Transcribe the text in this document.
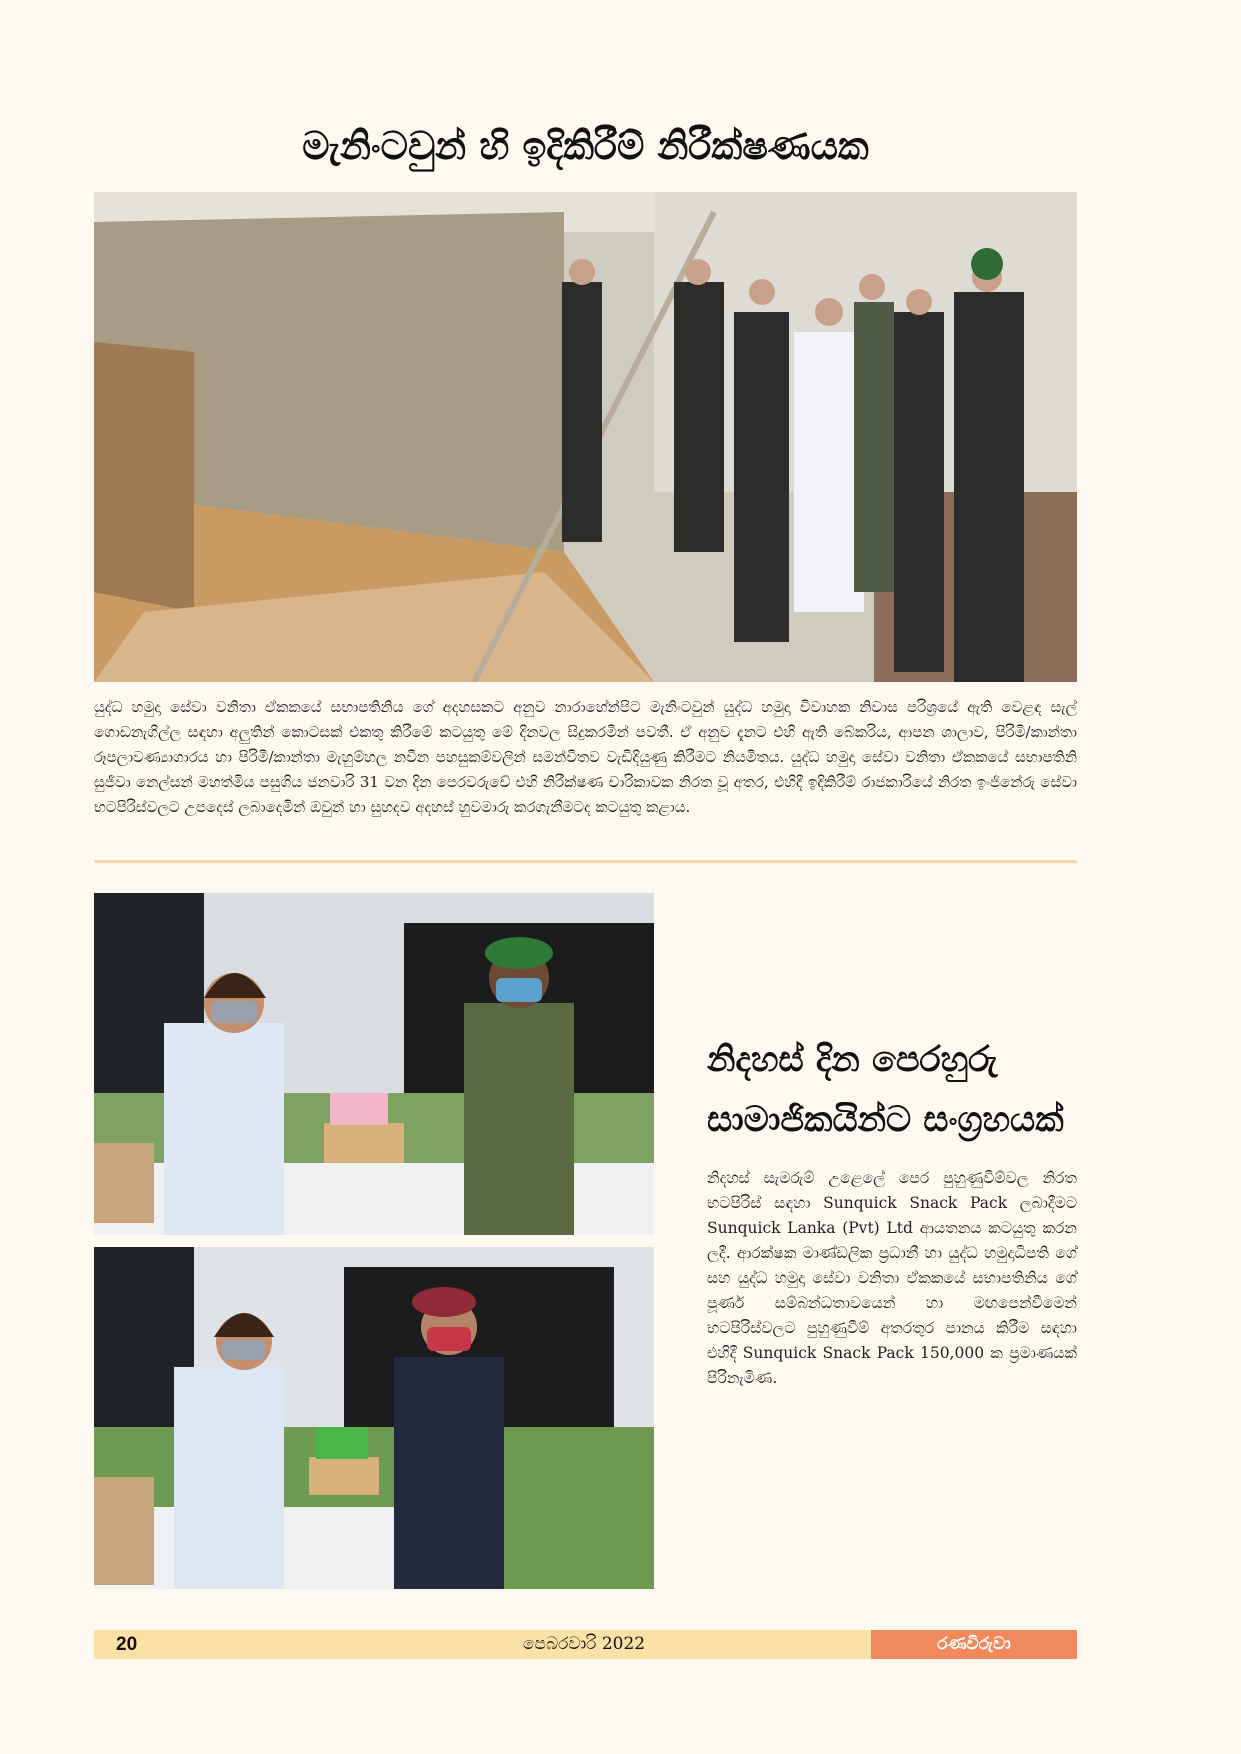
මැනිංටවුන් හි ඉදිකිරීම් නිරීක්ෂණයක
යුද්ධ හමුදා සේවා වනිතා ඒකකයේ සභාපතිනිය ගේ අදහසකට අනුව නාරාහේන්පිට මැනිංටවුන් යුද්ධ හමුදා විවාහක නිවාස පරිශ්‍රයේ ඇති වෙළඳ සැල් ගොඩනැගිල්ල සඳහා අලුතින් කොටසක් එකතු කිරීමේ කටයුතු මේ දිනවල සිදුකරමින් පවතී. ඒ අනුව දැනට එහි ඇති බේකරිය, ආපන ශාලාව, පිරිමි/කාන්තා රූපලාවණ්‍යාගාරය හා පිරිමි/කාන්තා මැහුම්හල නවීන පහසුකම්වලින් සමන්විතව වැඩිදියුණු කිරීමට නියමිතය. යුද්ධ හමුදා සේවා වනිතා ඒකකයේ සභාපතිනි සුජීවා නෙල්සන් මහත්මිය පසුගිය ජනවාරි 31 වන දින පෙරවරුවේ එහි නිරීක්ෂණ චාරිකාවක නිරත වූ අතර, එහිදී ඉදිකිරීම් රාජකාරියේ නිරත ඉංජිනේරු සේවා භටපිරිස්වලට උපදෙස් ලබාදෙමින් ඔවුන් හා සුහදව අදහස් හුවමාරු කරගැනීමටද කටයුතු කළාය.
නිදහස් දින පෙරහුරු
සාමාජිකයින්ට සංග්‍රහයක්
නිදහස් සැමරුම් උළෙලේ පෙර පුහුණුවීම්වල නිරත භටපිරිස් සඳහා Sunquick Snack Pack ලබාදීමට Sunquick Lanka (Pvt) Ltd ආයතනය කටයුතු කරන ලදී. ආරක්ෂක මාණ්ඩලික ප්‍රධානී හා යුද්ධ හමුදාධිපති ගේ සහ යුද්ධ හමුදා සේවා වනිතා ඒකකයේ සභාපතිනිය ගේ පූර්ණ සම්බන්ධතාවයෙන් හා මඟපෙන්වීමෙන් භටපිරිස්වලට පුහුණුවීම් අතරතුර පානය කිරීම සඳහා එහිදී Sunquick Snack Pack 150,000 ක ප්‍රමාණයක් පිරිනැමිණ.
20	පෙබරවාරි 2022	රණවිරුවා
